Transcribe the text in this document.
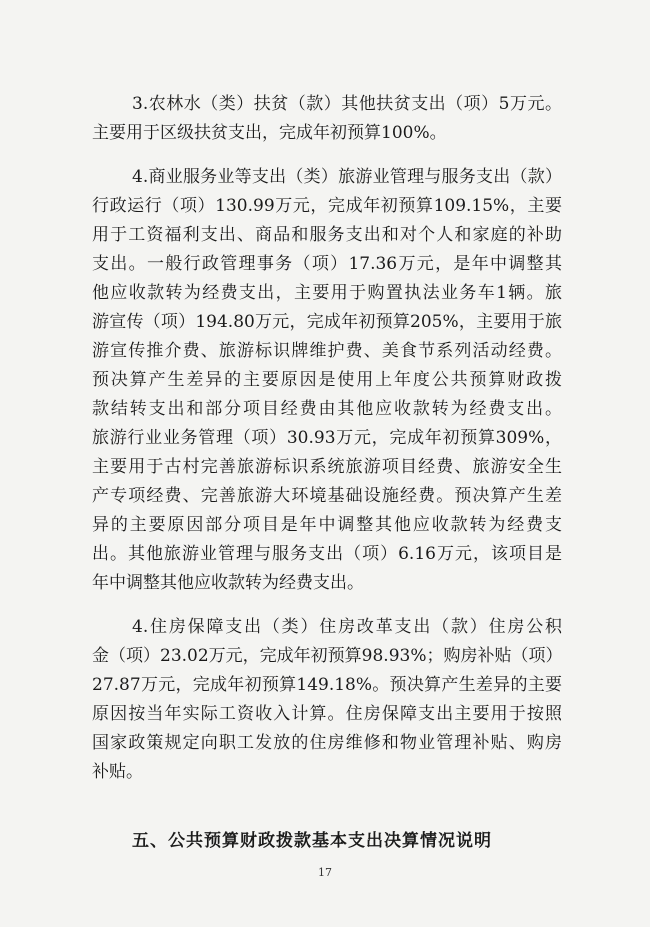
3.农林水（类）扶贫（款）其他扶贫支出（项）5万元。
主要用于区级扶贫支出，完成年初预算100%。
4.商业服务业等支出（类）旅游业管理与服务支出（款）
行政运行（项）130.99万元，完成年初预算109.15%，主要
用于工资福利支出、商品和服务支出和对个人和家庭的补助
支出。一般行政管理事务（项）17.36万元，是年中调整其
他应收款转为经费支出，主要用于购置执法业务车1辆。旅
游宣传（项）194.80万元，完成年初预算205%，主要用于旅
游宣传推介费、旅游标识牌维护费、美食节系列活动经费。
预决算产生差异的主要原因是使用上年度公共预算财政拨
款结转支出和部分项目经费由其他应收款转为经费支出。
旅游行业业务管理（项）30.93万元，完成年初预算309%，
主要用于古村完善旅游标识系统旅游项目经费、旅游安全生
产专项经费、完善旅游大环境基础设施经费。预决算产生差
异的主要原因部分项目是年中调整其他应收款转为经费支
出。其他旅游业管理与服务支出（项）6.16万元，该项目是
年中调整其他应收款转为经费支出。
4.住房保障支出（类）住房改革支出（款）住房公积
金（项）23.02万元，完成年初预算98.93%；购房补贴（项）
27.87万元，完成年初预算149.18%。预决算产生差异的主要
原因按当年实际工资收入计算。住房保障支出主要用于按照
国家政策规定向职工发放的住房维修和物业管理补贴、购房
补贴。
五、公共预算财政拨款基本支出决算情况说明
17
